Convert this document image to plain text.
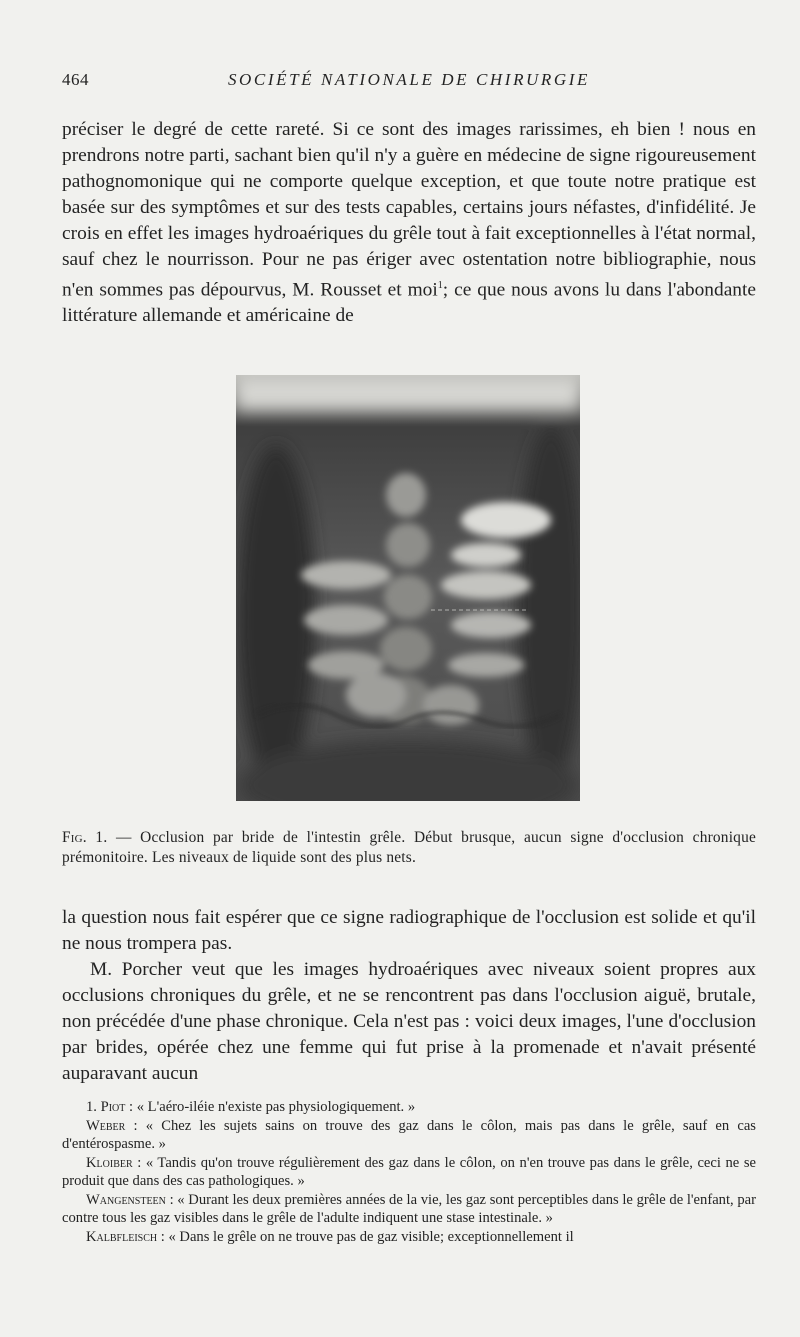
464	SOCIÉTÉ NATIONALE DE CHIRURGIE

préciser le degré de cette rareté. Si ce sont des images rarissimes, eh bien ! nous en prendrons notre parti, sachant bien qu'il n'y a guère en médecine de signe rigoureusement pathognomonique qui ne comporte quelque exception, et que toute notre pratique est basée sur des symptômes et sur des tests capables, certains jours néfastes, d'infidélité. Je crois en effet les images hydroaériques du grêle tout à fait exceptionnelles à l'état normal, sauf chez le nourrisson. Pour ne pas ériger avec ostentation notre bibliographie, nous n'en sommes pas dépourvus, M. Rousset et moi$^1$; ce que nous avons lu dans l'abondante littérature allemande et américaine de

Fig. 1. — Occlusion par bride de l'intestin grêle. Début brusque, aucun signe d'occlusion chronique prémonitoire. Les niveaux de liquide sont des plus nets.

la question nous fait espérer que ce signe radiographique de l'occlusion est solide et qu'il ne nous trompera pas.
M. Porcher veut que les images hydroaériques avec niveaux soient propres aux occlusions chroniques du grêle, et ne se rencontrent pas dans l'occlusion aiguë, brutale, non précédée d'une phase chronique. Cela n'est pas : voici deux images, l'une d'occlusion par brides, opérée chez une femme qui fut prise à la promenade et n'avait présenté auparavant aucun

1. Piot : « L'aéro-iléie n'existe pas physiologiquement. »

Weber : « Chez les sujets sains on trouve des gaz dans le côlon, mais pas dans le grêle, sauf en cas d'entérospasme. »

Kloiber : « Tandis qu'on trouve régulièrement des gaz dans le côlon, on n'en trouve pas dans le grêle, ceci ne se produit que dans des cas pathologiques. »

Wangensteen : « Durant les deux premières années de la vie, les gaz sont perceptibles dans le grêle de l'enfant, par contre tous les gaz visibles dans le grêle de l'adulte indiquent une stase intestinale. »

Kalbfleisch : « Dans le grêle on ne trouve pas de gaz visible; exceptionnellement il
